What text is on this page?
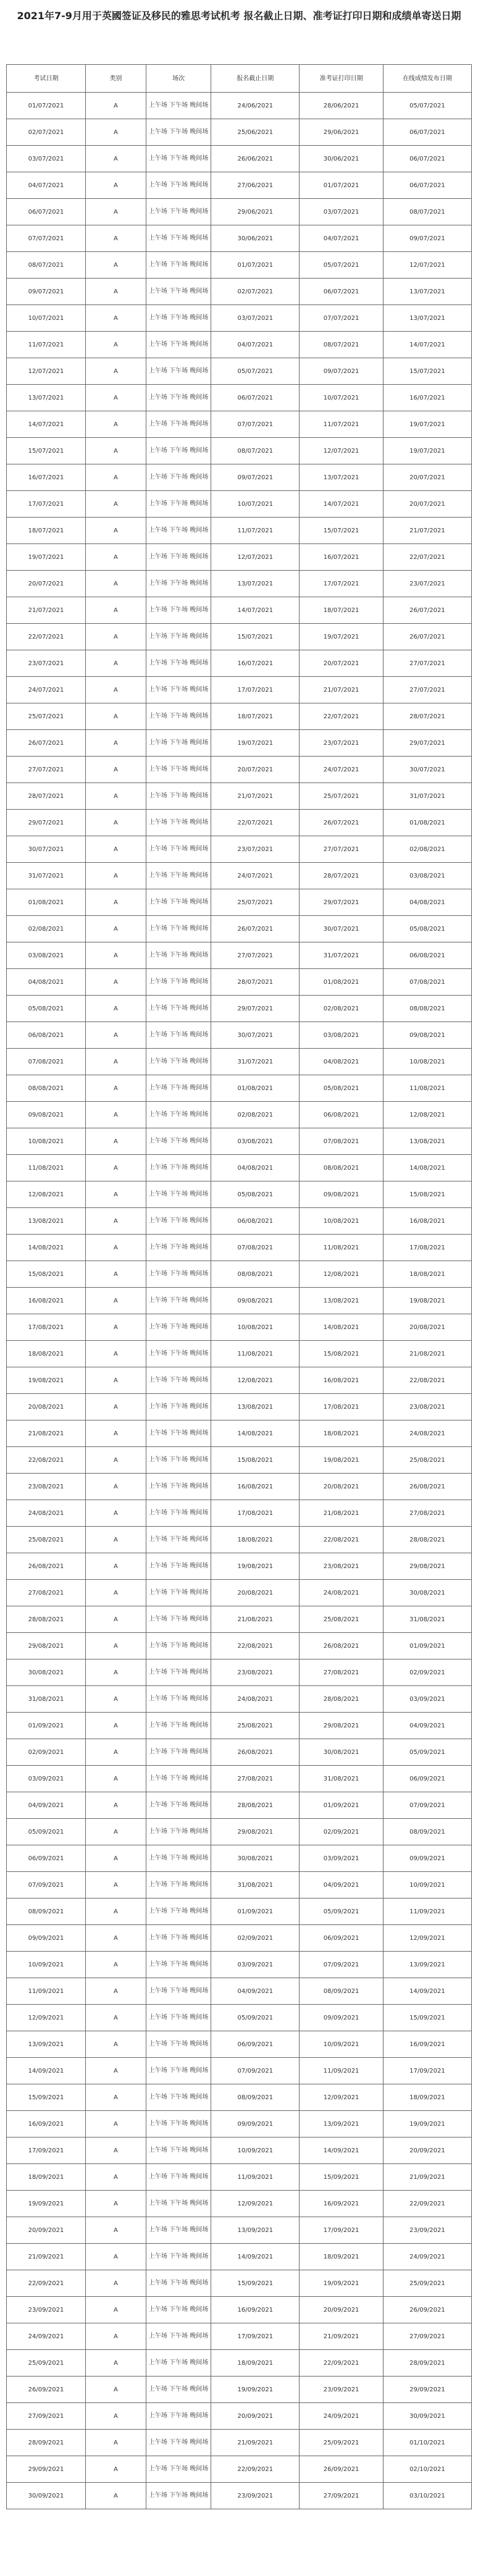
2021年7-9月用于英國签证及移民的雅思考试机考 报名截止日期、准考证打印日期和成绩单寄送日期
考试日期	类别	场次	报名截止日期	准考证打印日期	在线成绩发布日期
01/07/2021	A	上午场 下午场 晚间场	24/06/2021	28/06/2021	05/07/2021
02/07/2021	A	上午场 下午场 晚间场	25/06/2021	29/06/2021	06/07/2021
03/07/2021	A	上午场 下午场 晚间场	26/06/2021	30/06/2021	06/07/2021
04/07/2021	A	上午场 下午场 晚间场	27/06/2021	01/07/2021	06/07/2021
06/07/2021	A	上午场 下午场 晚间场	29/06/2021	03/07/2021	08/07/2021
07/07/2021	A	上午场 下午场 晚间场	30/06/2021	04/07/2021	09/07/2021
08/07/2021	A	上午场 下午场 晚间场	01/07/2021	05/07/2021	12/07/2021
09/07/2021	A	上午场 下午场 晚间场	02/07/2021	06/07/2021	13/07/2021
10/07/2021	A	上午场 下午场 晚间场	03/07/2021	07/07/2021	13/07/2021
11/07/2021	A	上午场 下午场 晚间场	04/07/2021	08/07/2021	14/07/2021
12/07/2021	A	上午场 下午场 晚间场	05/07/2021	09/07/2021	15/07/2021
13/07/2021	A	上午场 下午场 晚间场	06/07/2021	10/07/2021	16/07/2021
14/07/2021	A	上午场 下午场 晚间场	07/07/2021	11/07/2021	19/07/2021
15/07/2021	A	上午场 下午场 晚间场	08/07/2021	12/07/2021	19/07/2021
16/07/2021	A	上午场 下午场 晚间场	09/07/2021	13/07/2021	20/07/2021
17/07/2021	A	上午场 下午场 晚间场	10/07/2021	14/07/2021	20/07/2021
18/07/2021	A	上午场 下午场 晚间场	11/07/2021	15/07/2021	21/07/2021
19/07/2021	A	上午场 下午场 晚间场	12/07/2021	16/07/2021	22/07/2021
20/07/2021	A	上午场 下午场 晚间场	13/07/2021	17/07/2021	23/07/2021
21/07/2021	A	上午场 下午场 晚间场	14/07/2021	18/07/2021	26/07/2021
22/07/2021	A	上午场 下午场 晚间场	15/07/2021	19/07/2021	26/07/2021
23/07/2021	A	上午场 下午场 晚间场	16/07/2021	20/07/2021	27/07/2021
24/07/2021	A	上午场 下午场 晚间场	17/07/2021	21/07/2021	27/07/2021
25/07/2021	A	上午场 下午场 晚间场	18/07/2021	22/07/2021	28/07/2021
26/07/2021	A	上午场 下午场 晚间场	19/07/2021	23/07/2021	29/07/2021
27/07/2021	A	上午场 下午场 晚间场	20/07/2021	24/07/2021	30/07/2021
28/07/2021	A	上午场 下午场 晚间场	21/07/2021	25/07/2021	31/07/2021
29/07/2021	A	上午场 下午场 晚间场	22/07/2021	26/07/2021	01/08/2021
30/07/2021	A	上午场 下午场 晚间场	23/07/2021	27/07/2021	02/08/2021
31/07/2021	A	上午场 下午场 晚间场	24/07/2021	28/07/2021	03/08/2021
01/08/2021	A	上午场 下午场 晚间场	25/07/2021	29/07/2021	04/08/2021
02/08/2021	A	上午场 下午场 晚间场	26/07/2021	30/07/2021	05/08/2021
03/08/2021	A	上午场 下午场 晚间场	27/07/2021	31/07/2021	06/08/2021
04/08/2021	A	上午场 下午场 晚间场	28/07/2021	01/08/2021	07/08/2021
05/08/2021	A	上午场 下午场 晚间场	29/07/2021	02/08/2021	08/08/2021
06/08/2021	A	上午场 下午场 晚间场	30/07/2021	03/08/2021	09/08/2021
07/08/2021	A	上午场 下午场 晚间场	31/07/2021	04/08/2021	10/08/2021
08/08/2021	A	上午场 下午场 晚间场	01/08/2021	05/08/2021	11/08/2021
09/08/2021	A	上午场 下午场 晚间场	02/08/2021	06/08/2021	12/08/2021
10/08/2021	A	上午场 下午场 晚间场	03/08/2021	07/08/2021	13/08/2021
11/08/2021	A	上午场 下午场 晚间场	04/08/2021	08/08/2021	14/08/2021
12/08/2021	A	上午场 下午场 晚间场	05/08/2021	09/08/2021	15/08/2021
13/08/2021	A	上午场 下午场 晚间场	06/08/2021	10/08/2021	16/08/2021
14/08/2021	A	上午场 下午场 晚间场	07/08/2021	11/08/2021	17/08/2021
15/08/2021	A	上午场 下午场 晚间场	08/08/2021	12/08/2021	18/08/2021
16/08/2021	A	上午场 下午场 晚间场	09/08/2021	13/08/2021	19/08/2021
17/08/2021	A	上午场 下午场 晚间场	10/08/2021	14/08/2021	20/08/2021
18/08/2021	A	上午场 下午场 晚间场	11/08/2021	15/08/2021	21/08/2021
19/08/2021	A	上午场 下午场 晚间场	12/08/2021	16/08/2021	22/08/2021
20/08/2021	A	上午场 下午场 晚间场	13/08/2021	17/08/2021	23/08/2021
21/08/2021	A	上午场 下午场 晚间场	14/08/2021	18/08/2021	24/08/2021
22/08/2021	A	上午场 下午场 晚间场	15/08/2021	19/08/2021	25/08/2021
23/08/2021	A	上午场 下午场 晚间场	16/08/2021	20/08/2021	26/08/2021
24/08/2021	A	上午场 下午场 晚间场	17/08/2021	21/08/2021	27/08/2021
25/08/2021	A	上午场 下午场 晚间场	18/08/2021	22/08/2021	28/08/2021
26/08/2021	A	上午场 下午场 晚间场	19/08/2021	23/08/2021	29/08/2021
27/08/2021	A	上午场 下午场 晚间场	20/08/2021	24/08/2021	30/08/2021
28/08/2021	A	上午场 下午场 晚间场	21/08/2021	25/08/2021	31/08/2021
29/08/2021	A	上午场 下午场 晚间场	22/08/2021	26/08/2021	01/09/2021
30/08/2021	A	上午场 下午场 晚间场	23/08/2021	27/08/2021	02/09/2021
31/08/2021	A	上午场 下午场 晚间场	24/08/2021	28/08/2021	03/09/2021
01/09/2021	A	上午场 下午场 晚间场	25/08/2021	29/08/2021	04/09/2021
02/09/2021	A	上午场 下午场 晚间场	26/08/2021	30/08/2021	05/09/2021
03/09/2021	A	上午场 下午场 晚间场	27/08/2021	31/08/2021	06/09/2021
04/09/2021	A	上午场 下午场 晚间场	28/08/2021	01/09/2021	07/09/2021
05/09/2021	A	上午场 下午场 晚间场	29/08/2021	02/09/2021	08/09/2021
06/09/2021	A	上午场 下午场 晚间场	30/08/2021	03/09/2021	09/09/2021
07/09/2021	A	上午场 下午场 晚间场	31/08/2021	04/09/2021	10/09/2021
08/09/2021	A	上午场 下午场 晚间场	01/09/2021	05/09/2021	11/09/2021
09/09/2021	A	上午场 下午场 晚间场	02/09/2021	06/09/2021	12/09/2021
10/09/2021	A	上午场 下午场 晚间场	03/09/2021	07/09/2021	13/09/2021
11/09/2021	A	上午场 下午场 晚间场	04/09/2021	08/09/2021	14/09/2021
12/09/2021	A	上午场 下午场 晚间场	05/09/2021	09/09/2021	15/09/2021
13/09/2021	A	上午场 下午场 晚间场	06/09/2021	10/09/2021	16/09/2021
14/09/2021	A	上午场 下午场 晚间场	07/09/2021	11/09/2021	17/09/2021
15/09/2021	A	上午场 下午场 晚间场	08/09/2021	12/09/2021	18/09/2021
16/09/2021	A	上午场 下午场 晚间场	09/09/2021	13/09/2021	19/09/2021
17/09/2021	A	上午场 下午场 晚间场	10/09/2021	14/09/2021	20/09/2021
18/09/2021	A	上午场 下午场 晚间场	11/09/2021	15/09/2021	21/09/2021
19/09/2021	A	上午场 下午场 晚间场	12/09/2021	16/09/2021	22/09/2021
20/09/2021	A	上午场 下午场 晚间场	13/09/2021	17/09/2021	23/09/2021
21/09/2021	A	上午场 下午场 晚间场	14/09/2021	18/09/2021	24/09/2021
22/09/2021	A	上午场 下午场 晚间场	15/09/2021	19/09/2021	25/09/2021
23/09/2021	A	上午场 下午场 晚间场	16/09/2021	20/09/2021	26/09/2021
24/09/2021	A	上午场 下午场 晚间场	17/09/2021	21/09/2021	27/09/2021
25/09/2021	A	上午场 下午场 晚间场	18/09/2021	22/09/2021	28/09/2021
26/09/2021	A	上午场 下午场 晚间场	19/09/2021	23/09/2021	29/09/2021
27/09/2021	A	上午场 下午场 晚间场	20/09/2021	24/09/2021	30/09/2021
28/09/2021	A	上午场 下午场 晚间场	21/09/2021	25/09/2021	01/10/2021
29/09/2021	A	上午场 下午场 晚间场	22/09/2021	26/09/2021	02/10/2021
30/09/2021	A	上午场 下午场 晚间场	23/09/2021	27/09/2021	03/10/2021
